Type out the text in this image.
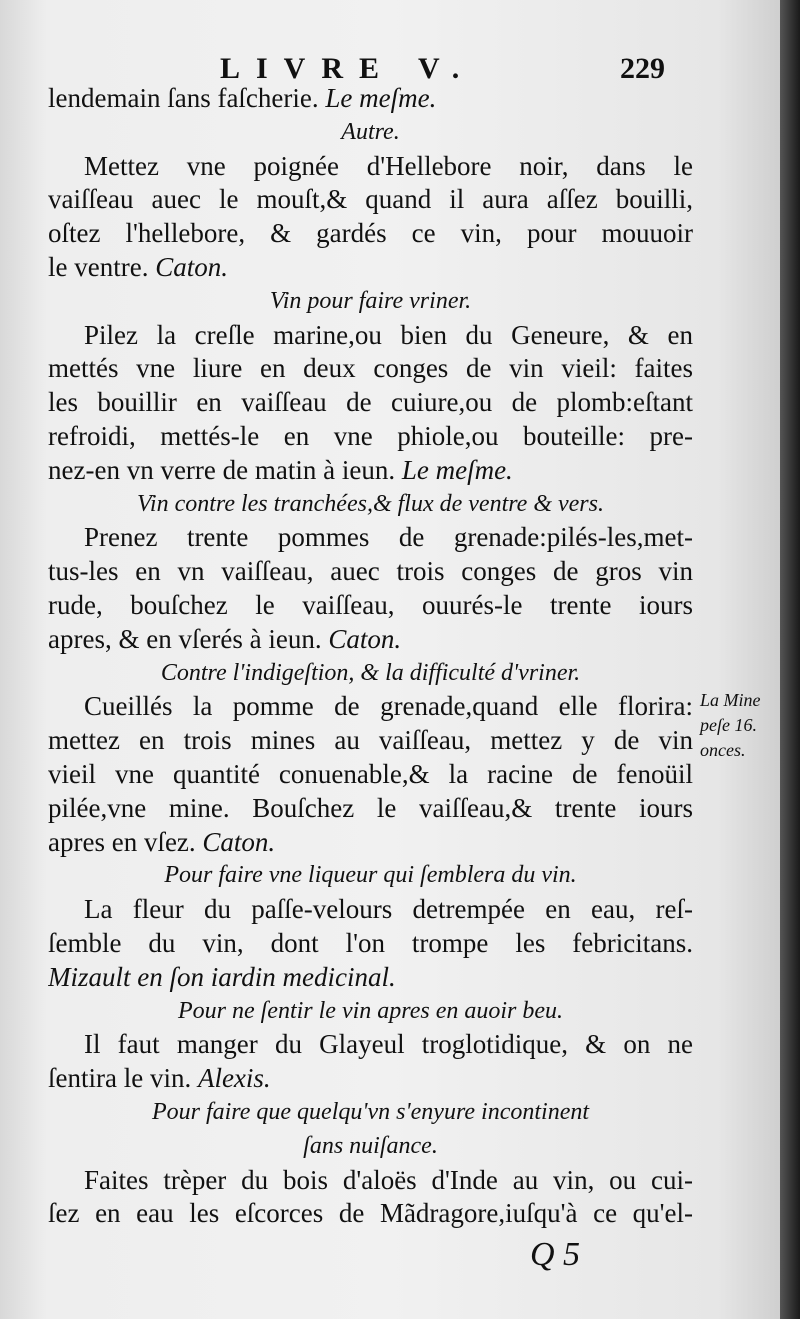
LIVRE V.	229
lendemain ſans faſcherie. Le meſme.
Autre.
Mettez vne poignée d'Hellebore noir, dans le
vaiſſeau auec le mouſt,& quand il aura aſſez bouilli,
oſtez l'hellebore, & gardés ce vin, pour mouuoir
le ventre. Caton.
Vin pour faire vriner.
Pilez la creſle marine,ou bien du Geneure, & en
mettés vne liure en deux conges de vin vieil: faites
les bouillir en vaiſſeau de cuiure,ou de plomb:eſtant
refroidi, mettés-le en vne phiole,ou bouteille: pre-
nez-en vn verre de matin à ieun. Le meſme.
Vin contre les tranchées,& flux de ventre & vers.
Prenez trente pommes de grenade:pilés-les,met-
tus-les en vn vaiſſeau, auec trois conges de gros vin
rude, bouſchez le vaiſſeau, ouurés-le trente iours
apres, & en vſerés à ieun. Caton.
Contre l'indigeſtion, & la difficulté d'vriner.
Cueillés la pomme de grenade,quand elle florira:
mettez en trois mines au vaiſſeau, mettez y de vin
vieil vne quantité conuenable,& la racine de fenoüil
pilée,vne mine. Bouſchez le vaiſſeau,& trente iours
apres en vſez. Caton.
Pour faire vne liqueur qui ſemblera du vin.
La fleur du paſſe-velours detrempée en eau, reſ-
ſemble du vin, dont l'on trompe les febricitans.
Mizault en ſon iardin medicinal.
Pour ne ſentir le vin apres en auoir beu.
Il faut manger du Glayeul troglotidique, & on ne
ſentira le vin. Alexis.
Pour faire que quelqu'vn s'enyure incontinent
ſans nuiſance.
Faites trèper du bois d'aloës d'Inde au vin, ou cui-
ſez en eau les eſcorces de Mãdragore,iuſqu'à ce qu'el-
La Mine
peſe 16.
onces.
Q 5
